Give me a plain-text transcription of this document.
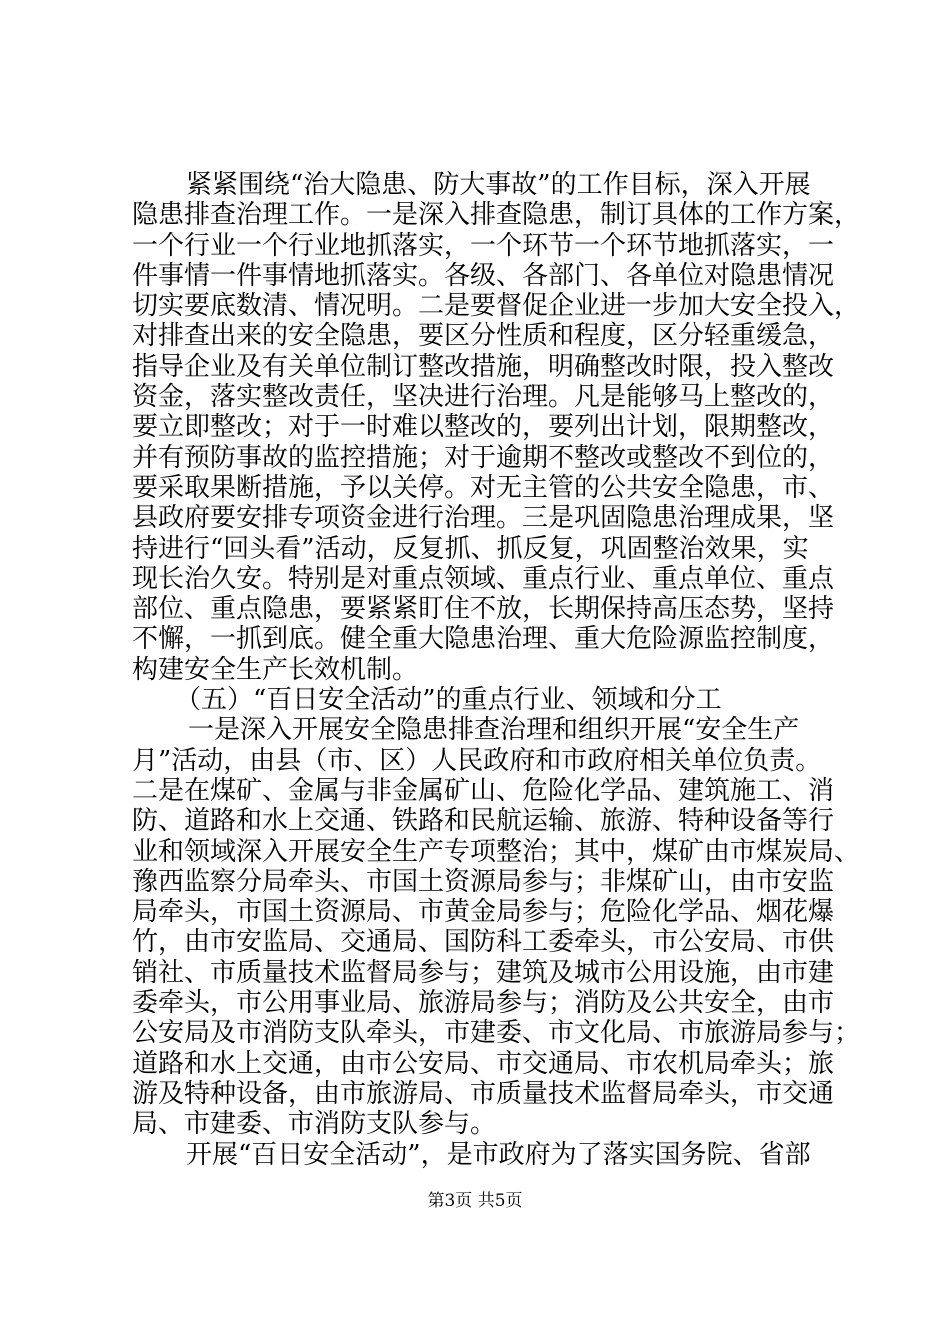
紧紧围绕“治大隐患、防大事故”的工作目标，深入开展
隐患排查治理工作。一是深入排查隐患，制订具体的工作方案，
一个行业一个行业地抓落实，一个环节一个环节地抓落实，一
件事情一件事情地抓落实。各级、各部门、各单位对隐患情况
切实要底数清、情况明。二是要督促企业进一步加大安全投入，
对排查出来的安全隐患，要区分性质和程度，区分轻重缓急，
指导企业及有关单位制订整改措施，明确整改时限，投入整改
资金，落实整改责任，坚决进行治理。凡是能够马上整改的，
要立即整改；对于一时难以整改的，要列出计划，限期整改，
并有预防事故的监控措施；对于逾期不整改或整改不到位的，
要采取果断措施，予以关停。对无主管的公共安全隐患，市、
县政府要安排专项资金进行治理。三是巩固隐患治理成果，坚
持进行“回头看”活动，反复抓、抓反复，巩固整治效果，实
现长治久安。特别是对重点领域、重点行业、重点单位、重点
部位、重点隐患，要紧紧盯住不放，长期保持高压态势，坚持
不懈，一抓到底。健全重大隐患治理、重大危险源监控制度，
构建安全生产长效机制。
（五）“百日安全活动”的重点行业、领域和分工
一是深入开展安全隐患排查治理和组织开展“安全生产
月”活动，由县（市、区）人民政府和市政府相关单位负责。
二是在煤矿、金属与非金属矿山、危险化学品、建筑施工、消
防、道路和水上交通、铁路和民航运输、旅游、特种设备等行
业和领域深入开展安全生产专项整治；其中，煤矿由市煤炭局、
豫西监察分局牵头、市国土资源局参与；非煤矿山，由市安监
局牵头，市国土资源局、市黄金局参与；危险化学品、烟花爆
竹，由市安监局、交通局、国防科工委牵头，市公安局、市供
销社、市质量技术监督局参与；建筑及城市公用设施，由市建
委牵头，市公用事业局、旅游局参与；消防及公共安全，由市
公安局及市消防支队牵头，市建委、市文化局、市旅游局参与；
道路和水上交通，由市公安局、市交通局、市农机局牵头；旅
游及特种设备，由市旅游局、市质量技术监督局牵头，市交通
局、市建委、市消防支队参与。
开展“百日安全活动”，是市政府为了落实国务院、省部
第3页 共5页
